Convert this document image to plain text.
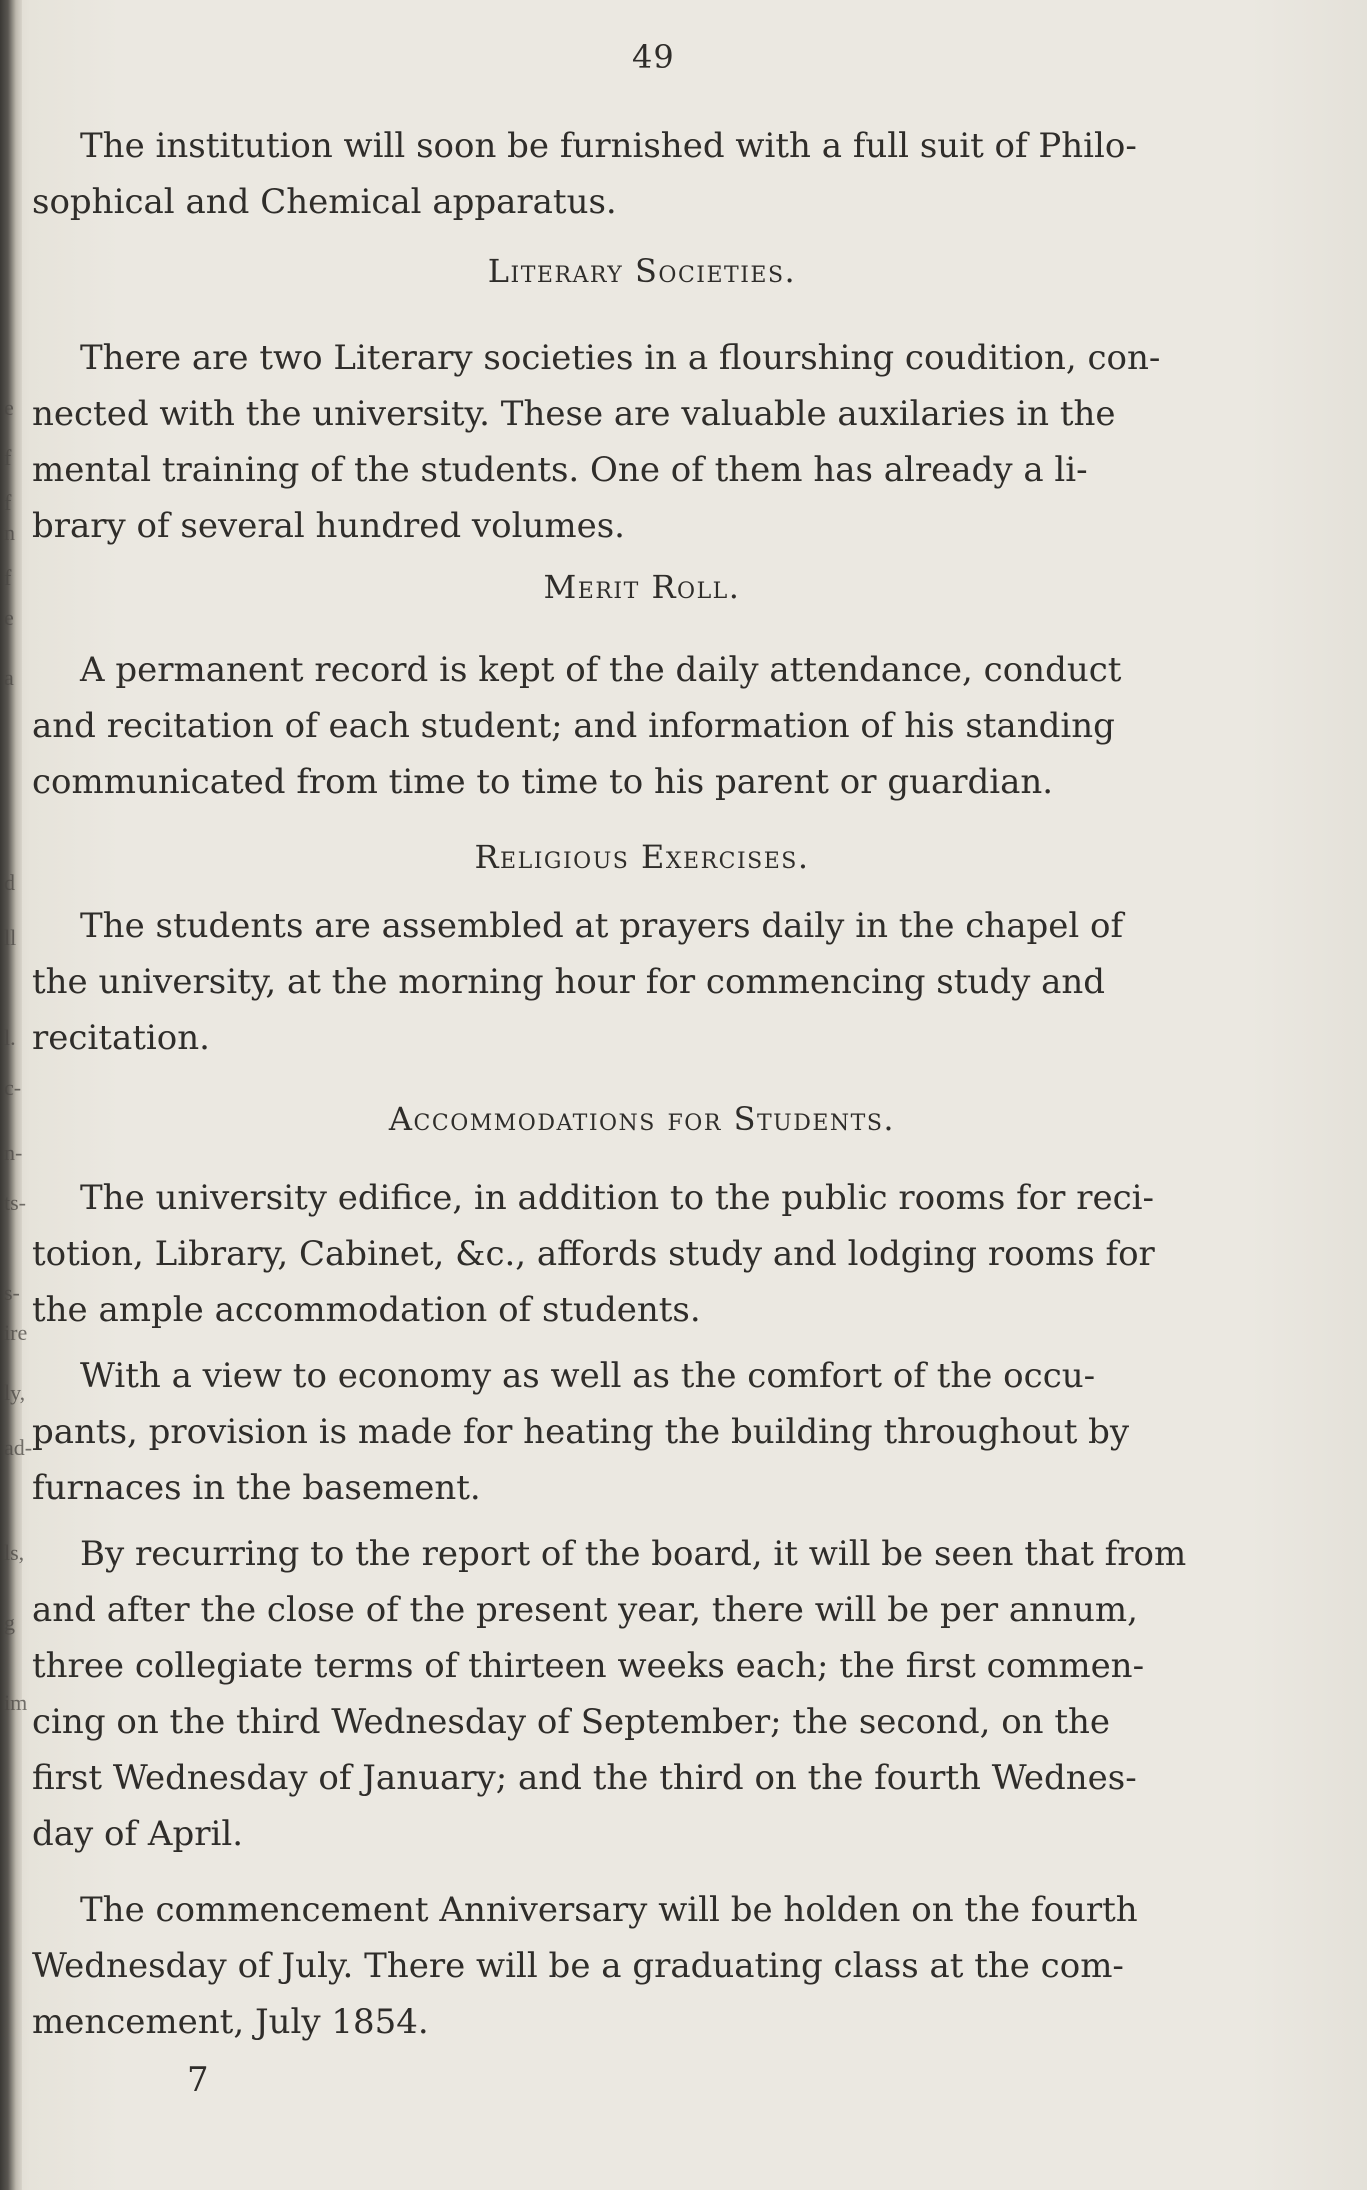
e
f
f
n
f
e
a
d
ll
l.
c-
n-
ts-
s-
ire
ly,
ad-
ls,
g
im
49
The institution will soon be furnished with a full suit of Philo-
sophical and Chemical apparatus.
Literary Societies.
There are two Literary societies in a flourshing coudition, con-
nected with the university. These are valuable auxilaries in the
mental training of the students. One of them has already a li-
brary of several hundred volumes.
Merit Roll.
A permanent record is kept of the daily attendance, conduct
and recitation of each student; and information of his standing
communicated from time to time to his parent or guardian.
Religious Exercises.
The students are assembled at prayers daily in the chapel of
the university, at the morning hour for commencing study and
recitation.
Accommodations for Students.
The university edifice, in addition to the public rooms for reci-
totion, Library, Cabinet, &c., affords study and lodging rooms for
the ample accommodation of students.
With a view to economy as well as the comfort of the occu-
pants, provision is made for heating the building throughout by
furnaces in the basement.
By recurring to the report of the board, it will be seen that from
and after the close of the present year, there will be per annum,
three collegiate terms of thirteen weeks each; the first commen-
cing on the third Wednesday of September; the second, on the
first Wednesday of January; and the third on the fourth Wednes-
day of April.
The commencement Anniversary will be holden on the fourth
Wednesday of July. There will be a graduating class at the com-
mencement, July 1854.
7
